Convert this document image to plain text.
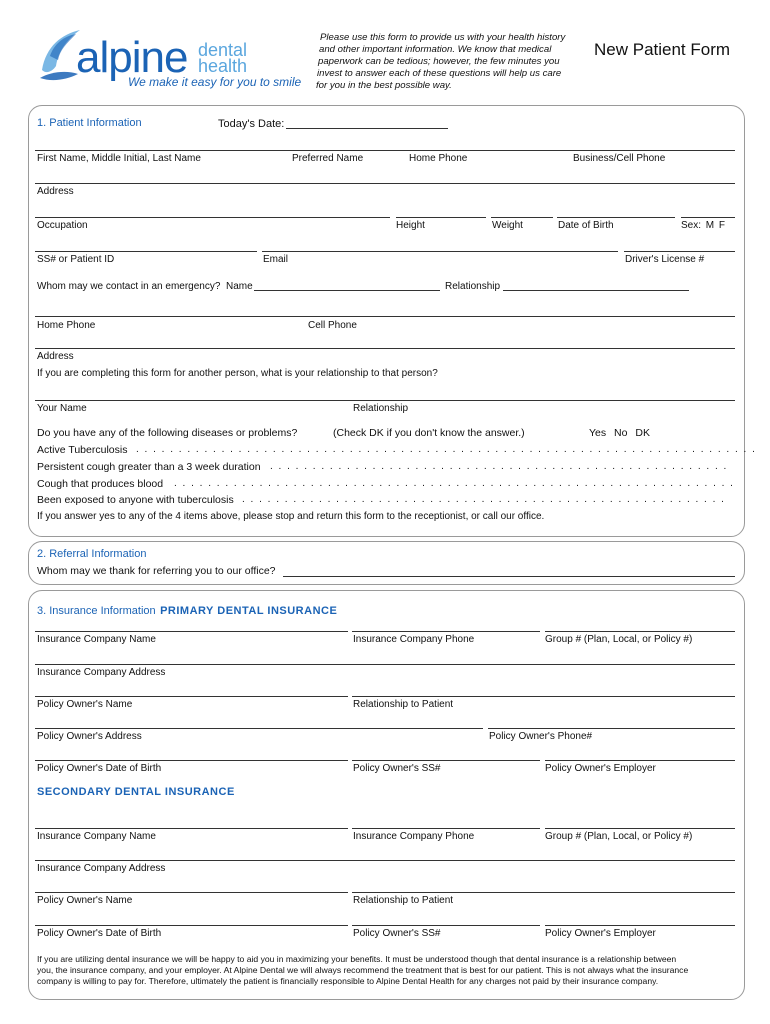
alpine dental
health
We make it easy for you to smile
Please use this form to provide us with your health history
and other important information. We know that medical
paperwork can be tedious; however, the few minutes you
invest to answer each of these questions will help us care
for you in the best possible way.
New Patient Form
1. Patient Information	Today's Date:
First Name, Middle Initial, Last Name	Preferred Name	Home Phone	Business/Cell Phone
Address
Occupation	Height	Weight	Date of Birth	Sex: M F
SS# or Patient ID	Email	Driver's License #
Whom may we contact in an emergency? Name	Relationship
Home Phone	Cell Phone
Address
If you are completing this form for another person, what is your relationship to that person?
Your Name	Relationship
Do you have any of the following diseases or problems?	(Check DK if you don't know the answer.)	Yes No DK
Active Tuberculosis . . . . . . . . . . . . . . . . . . . . . . . . . . . . . . . . . . . . . . . . . . . . . . . . . . . . . . . . . . . . . . . . . . . . . . . . .
Persistent cough greater than a 3 week duration . . . . . . . . . . . . . . . . . . . . . . . . . . . . . . . . . . . . . . . . . . . . . . . . . . . . . .
Cough that produces blood . . . . . . . . . . . . . . . . . . . . . . . . . . . . . . . . . . . . . . . . . . . . . . . . . . . . . . . . . . . . . . . . . .
Been exposed to anyone with tuberculosis . . . . . . . . . . . . . . . . . . . . . . . . . . . . . . . . . . . . . . . . . . . . . . . . . . . . . . . . .
If you answer yes to any of the 4 items above, please stop and return this form to the receptionist, or call our office.
2. Referral Information
Whom may we thank for referring you to our office?
3. Insurance Information PRIMARY DENTAL INSURANCE
Insurance Company Name	Insurance Company Phone	Group # (Plan, Local, or Policy #)
Insurance Company Address
Policy Owner's Name	Relationship to Patient
Policy Owner's Address	Policy Owner's Phone#
Policy Owner's Date of Birth	Policy Owner's SS#	Policy Owner's Employer
SECONDARY DENTAL INSURANCE
Insurance Company Name	Insurance Company Phone	Group # (Plan, Local, or Policy #)
Insurance Company Address
Policy Owner's Name	Relationship to Patient
Policy Owner's Date of Birth	Policy Owner's SS#	Policy Owner's Employer
If you are utilizing dental insurance we will be happy to aid you in maximizing your benefits. It must be understood though that dental insurance is a relationship between
you, the insurance company, and your employer. At Alpine Dental we will always recommend the treatment that is best for our patient. This is not always what the insurance
company is willing to pay for. Therefore, ultimately the patient is financially responsible to Alpine Dental Health for any charges not paid by their insurance company.
